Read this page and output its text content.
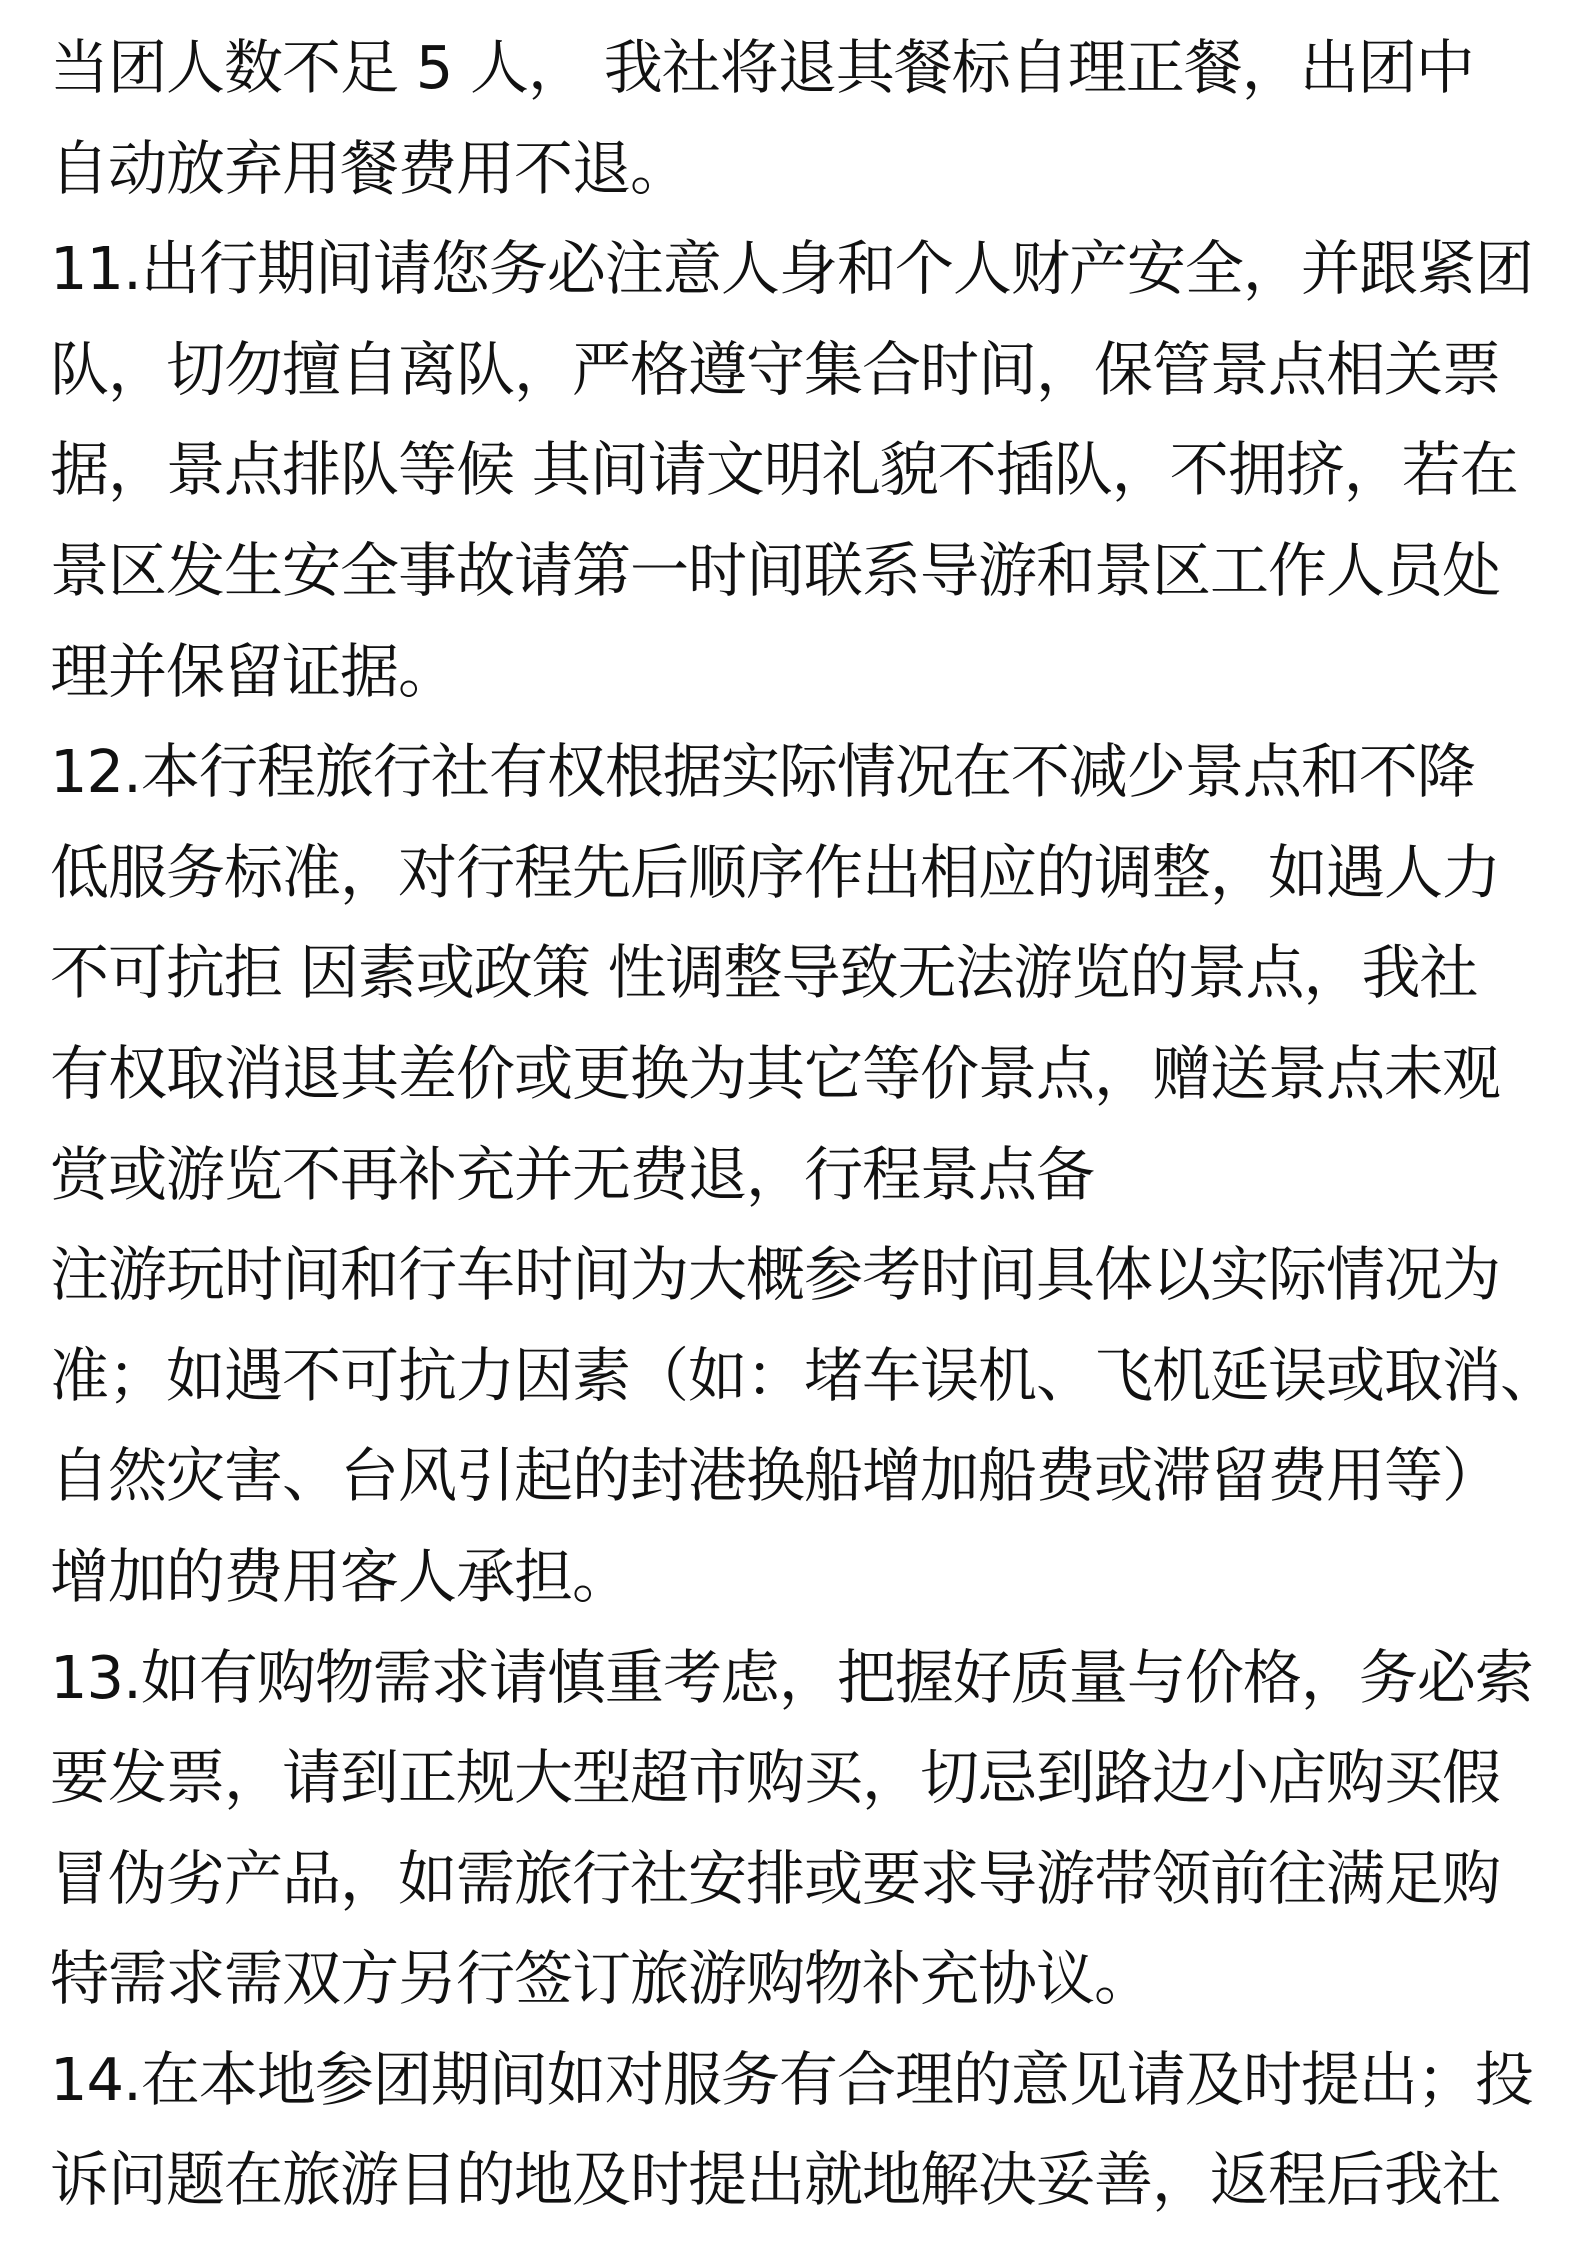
当团人数不足 5 人， 我社将退其餐标自理正餐，出团中
自动放弃用餐费用不退。
11.出行期间请您务必注意人身和个人财产安全，并跟紧团
队，切勿擅自离队，严格遵守集合时间，保管景点相关票
据，景点排队等候 其间请文明礼貌不插队，不拥挤，若在
景区发生安全事故请第一时间联系导游和景区工作人员处
理并保留证据。
12.本行程旅行社有权根据实际情况在不减少景点和不降
低服务标准，对行程先后顺序作出相应的调整，如遇人力
不可抗拒 因素或政策 性调整导致无法游览的景点，我社
有权取消退其差价或更换为其它等价景点，赠送景点未观
赏或游览不再补充并无费退，行程景点备
注游玩时间和行车时间为大概参考时间具体以实际情况为
准；如遇不可抗力因素（如：堵车误机、飞机延误或取消、
自然灾害、台风引起的封港换船增加船费或滞留费用等）
增加的费用客人承担。
13.如有购物需求请慎重考虑，把握好质量与价格，务必索
要发票，请到正规大型超市购买，切忌到路边小店购买假
冒伪劣产品，如需旅行社安排或要求导游带领前往满足购
特需求需双方另行签订旅游购物补充协议。
14.在本地参团期间如对服务有合理的意见请及时提出；投
诉问题在旅游目的地及时提出就地解决妥善，返程后我社
